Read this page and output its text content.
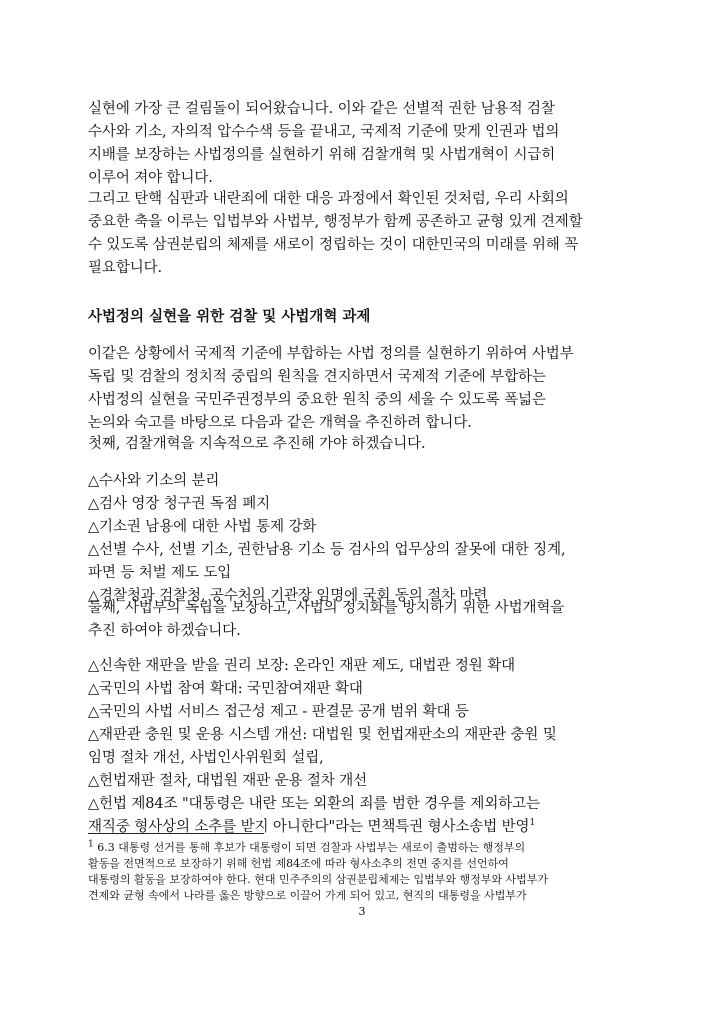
실현에 가장 큰 걸림돌이 되어왔습니다. 이와 같은 선별적 권한 남용적 검찰
수사와 기소, 자의적 압수수색 등을 끝내고, 국제적 기준에 맞게 인권과 법의
지배를 보장하는 사법정의를 실현하기 위해 검찰개혁 및 사법개혁이 시급히
이루어 져야 합니다.
그리고 탄핵 심판과 내란죄에 대한 대응 과정에서 확인된 것처럼, 우리 사회의
중요한 축을 이루는 입법부와 사법부, 행정부가 함께 공존하고 균형 있게 견제할
수 있도록 삼권분립의 체제를 새로이 정립하는 것이 대한민국의 미래를 위해 꼭
필요합니다.
사법정의 실현을 위한 검찰 및 사법개혁 과제
이같은 상황에서 국제적 기준에 부합하는 사법 정의를 실현하기 위하여 사법부
독립 및 검찰의 정치적 중립의 원칙을 견지하면서 국제적 기준에 부합하는
사법정의 실현을 국민주권정부의 중요한 원칙 중의 세울 수 있도록 폭넓은
논의와 숙고를 바탕으로 다음과 같은 개혁을 추진하려 합니다.
첫째, 검찰개혁을 지속적으로 추진해 가야 하겠습니다.
△수사와 기소의 분리
△검사 영장 청구권 독점 폐지
△기소권 남용에 대한 사법 통제 강화
△선별 수사, 선별 기소, 권한남용 기소 등 검사의 업무상의 잘못에 대한 징계,
파면 등 처벌 제도 도입
△경찰청과 검찰청, 공수처의 기관장 임명에 국회 동의 절차 마련
둘째, 사법부의 독립을 보장하고, 사법의 정치화를 방지하기 위한 사법개혁을
추진 하여야 하겠습니다.
△신속한 재판을 받을 권리 보장: 온라인 재판 제도, 대법관 정원 확대
△국민의 사법 참여 확대: 국민참여재판 확대
△국민의 사법 서비스 접근성 제고 - 판결문 공개 범위 확대 등
△재판관 충원 및 운용 시스템 개선: 대법원 및 헌법재판소의 재판관 충원 및
임명 절차 개선, 사법인사위원회 설립,
△헌법재판 절차, 대법원 재판 운용 절차 개선
△헌법 제84조 "대통령은 내란 또는 외환의 죄를 범한 경우를 제외하고는
재직중 형사상의 소추를 받지 아니한다"라는 면책특권 형사소송법 반영$^1$
$^1$ 6.3 대통령 선거를 통해 후보가 대통령이 되면 검찰과 사법부는 새로이 출범하는 행정부의
활동을 전면적으로 보장하기 위해 헌법 제84조에 따라 형사소추의 전면 중지를 선언하여
대통령의 활동을 보장하여야 한다. 현대 민주주의의 삼권분립체제는 입법부와 행정부와 사법부가
견제와 균형 속에서 나라를 옳은 방향으로 이끌어 가게 되어 있고, 현직의 대통령을 사법부가
3
